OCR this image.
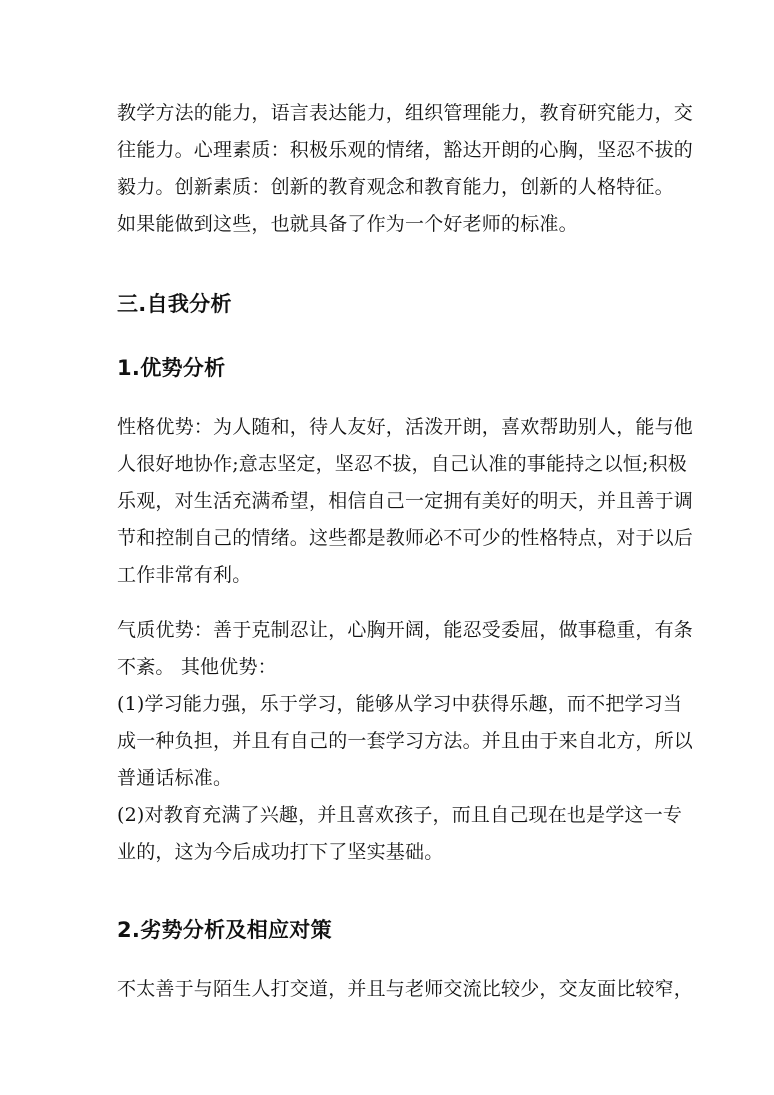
教学方法的能力，语言表达能力，组织管理能力，教育研究能力，交
往能力。心理素质：积极乐观的情绪，豁达开朗的心胸，坚忍不拔的
毅力。创新素质：创新的教育观念和教育能力，创新的人格特征。
如果能做到这些，也就具备了作为一个好老师的标准。
三.自我分析
1.优势分析
性格优势：为人随和，待人友好，活泼开朗，喜欢帮助别人，能与他
人很好地协作;意志坚定，坚忍不拔，自己认准的事能持之以恒;积极
乐观，对生活充满希望，相信自己一定拥有美好的明天，并且善于调
节和控制自己的情绪。这些都是教师必不可少的性格特点，对于以后
工作非常有利。
气质优势：善于克制忍让，心胸开阔，能忍受委屈，做事稳重，有条
不紊。 其他优势：
(1)学习能力强，乐于学习，能够从学习中获得乐趣，而不把学习当
成一种负担，并且有自己的一套学习方法。并且由于来自北方，所以
普通话标准。
(2)对教育充满了兴趣，并且喜欢孩子，而且自己现在也是学这一专
业的，这为今后成功打下了坚实基础。
2.劣势分析及相应对策
不太善于与陌生人打交道，并且与老师交流比较少，交友面比较窄，
